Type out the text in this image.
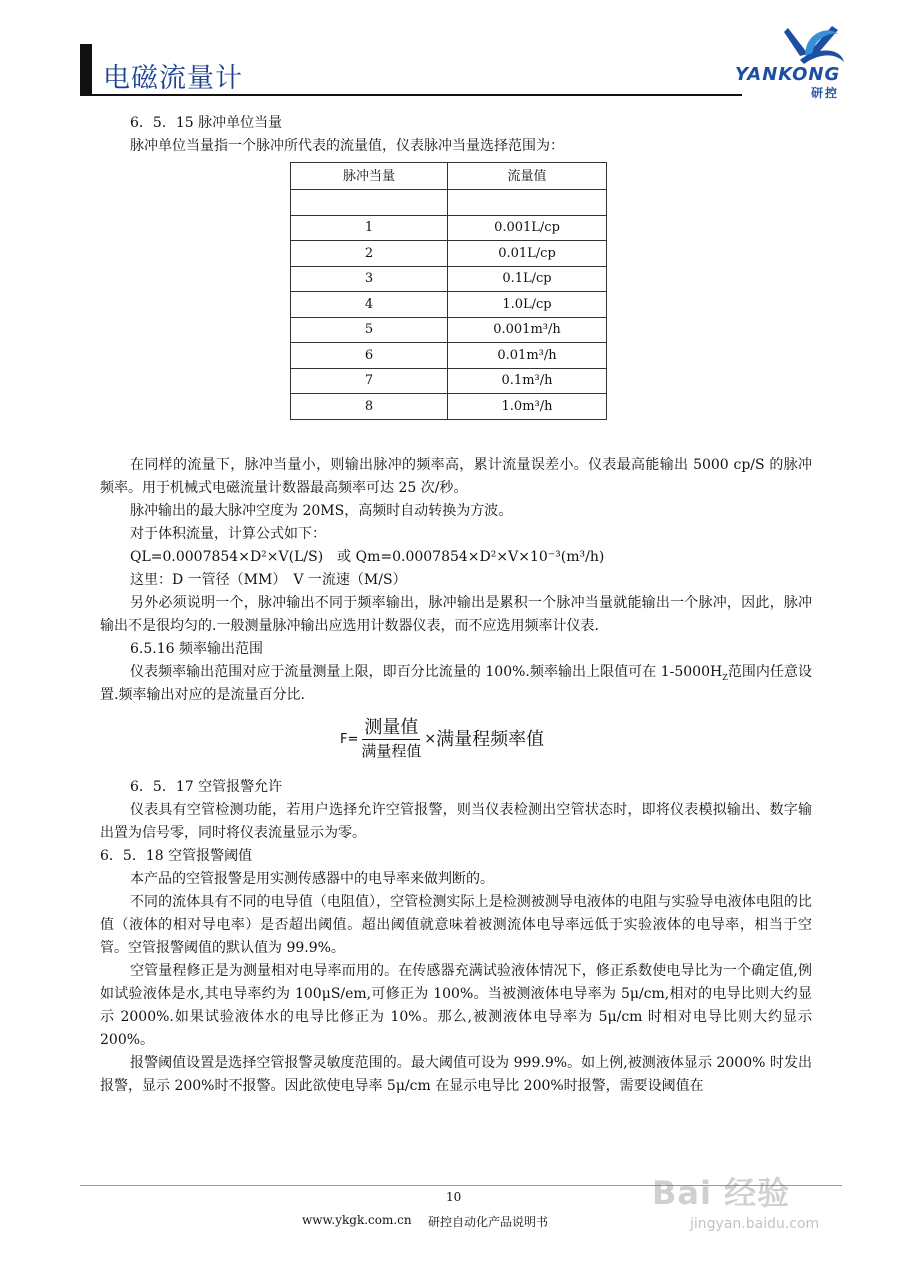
电磁流量计	YANKONG
研控

6．5．15 脉冲单位当量

脉冲单位当量指一个脉冲所代表的流量值，仪表脉冲当量选择范围为：

脉冲当量	流量值

1	0.001L/cp
2	0.01L/cp
3	0.1L/cp
4	1.0L/cp
5	0.001m³/h
6	0.01m³/h
7	0.1m³/h
8	1.0m³/h

在同样的流量下，脉冲当量小，则输出脉冲的频率高，累计流量误差小。仪表最高能输出 5000 cp/S 的脉冲频率。用于机械式电磁流量计数器最高频率可达 25 次/秒。

脉冲输出的最大脉冲空度为 20MS，高频时自动转换为方波。

对于体积流量，计算公式如下：

QL=0.0007854×D²×V(L/S)　 或 Qm=0.0007854×D²×V×10⁻³(m³/h)

这里：D 一管径（MM）　V 一流速（M/S）

另外必须说明一个，脉冲输出不同于频率输出，脉冲输出是累积一个脉冲当量就能输出一个脉冲，因此，脉冲输出不是很均匀的.一般测量脉冲输出应选用计数器仪表，而不应选用频率计仪表.

6.5.16 频率输出范围

仪表频率输出范围对应于流量测量上限，即百分比流量的 100%.频率输出上限值可在 $1-5000H_Z$范围内任意设置.频率输出对应的是流量百分比.

$F= \frac{\text{测量值}}{\text{满量程值}}$ × 满量程频率值

6．5．17 空管报警允许

仪表具有空管检测功能，若用户选择允许空管报警，则当仪表检测出空管状态时，即将仪表模拟输出、数字输出置为信号零，同时将仪表流量显示为零。

6．5．18 空管报警阈值

本产品的空管报警是用实测传感器中的电导率来做判断的。

不同的流体具有不同的电导值（电阻值），空管检测实际上是检测被测导电液体的电阻与实验导电液体电阻的比值（液体的相对导电率）是否超出阈值。超出阈值就意味着被测流体电导率远低于实验液体的电导率，相当于空管。空管报警阈值的默认值为 99.9%。

空管量程修正是为测量相对电导率而用的。在传感器充满试验液体情况下，修正系数使电导比为一个确定值,例如试验液体是水,其电导率约为 100μS/em,可修正为 100%。当被测液体电导率为 5μ/cm,相对的电导比则大约显示 2000%.如果试验液体水的电导比修正为 10%。那么,被测液体电导率为 5μ/cm 时相对电导比则大约显示 200%。

报警阈值设置是选择空管报警灵敏度范围的。最大阈值可设为 999.9%。如上例,被测液体显示 2000% 时发出报警，显示 200%时不报警。因此欲使电导率 5μ/cm 在显示电导比 200%时报警，需要设阈值在

10
www.ykgk.com.cn 研控自动化产品说明书
Bai 经验
jingyan.baidu.com
